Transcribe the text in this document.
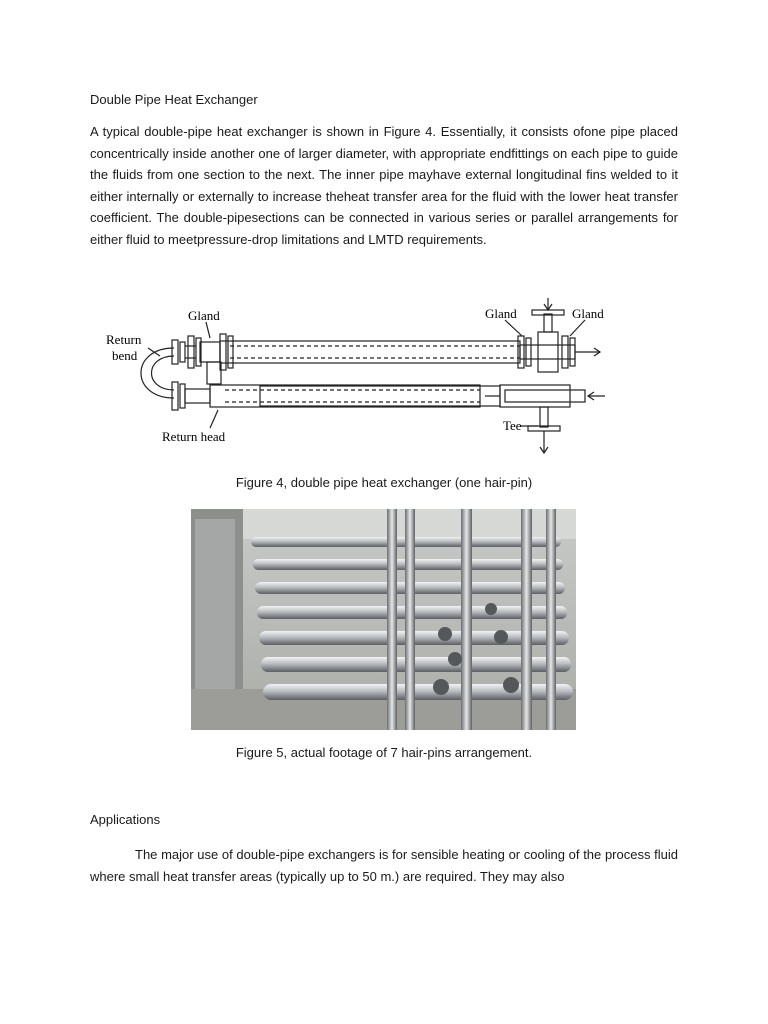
Double Pipe Heat Exchanger
A typical double-pipe heat exchanger is shown in Figure 4. Essentially, it consists ofone pipe placed concentrically inside another one of larger diameter, with appropriate endfittings on each pipe to guide the fluids from one section to the next. The inner pipe mayhave external longitudinal fins welded to it either internally or externally to increase theheat transfer area for the fluid with the lower heat transfer coefficient. The double-pipesections can be connected in various series or parallel arrangements for either fluid to meetpressure-drop limitations and LMTD requirements.
Gland	Gland	Gland
Return
bend
Return head
Tee
Figure 4, double pipe heat exchanger (one hair-pin)
Figure 5, actual footage of 7 hair-pins arrangement.
Applications
The major use of double-pipe exchangers is for sensible heating or cooling of the process fluid where small heat transfer areas (typically up to 50 m.) are required. They may also
